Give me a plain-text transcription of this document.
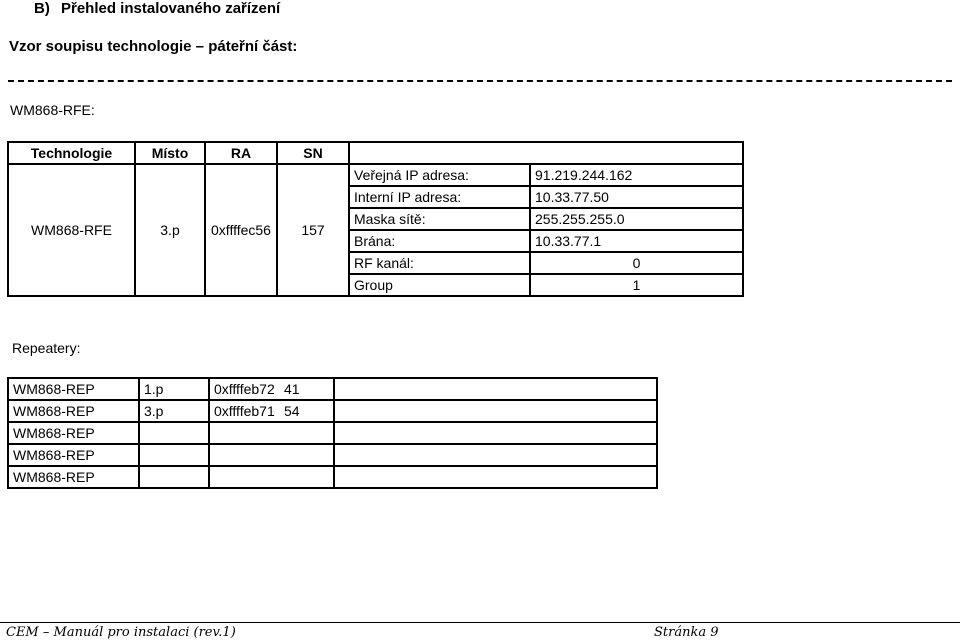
B) Přehled instalovaného zařízení
Vzor soupisu technologie – páteřní část:
WM868-RFE:
Technologie	Místo	RA	SN		
WM868-RFE	3.p	0xffffec56	157	Veřejná IP adresa:	91.219.244.162
				Interní IP adresa:	10.33.77.50
				Maska sítě:	255.255.255.0
				Brána:	10.33.77.1
				RF kanál:	0
				Group	1
Repeatery:
WM868-REP	1.p	0xffffeb72	41	
WM868-REP	3.p	0xffffeb71	54	
WM868-REP				
WM868-REP				
WM868-REP				
CEM – Manuál pro instalaci (rev.1)	Stránka 9
